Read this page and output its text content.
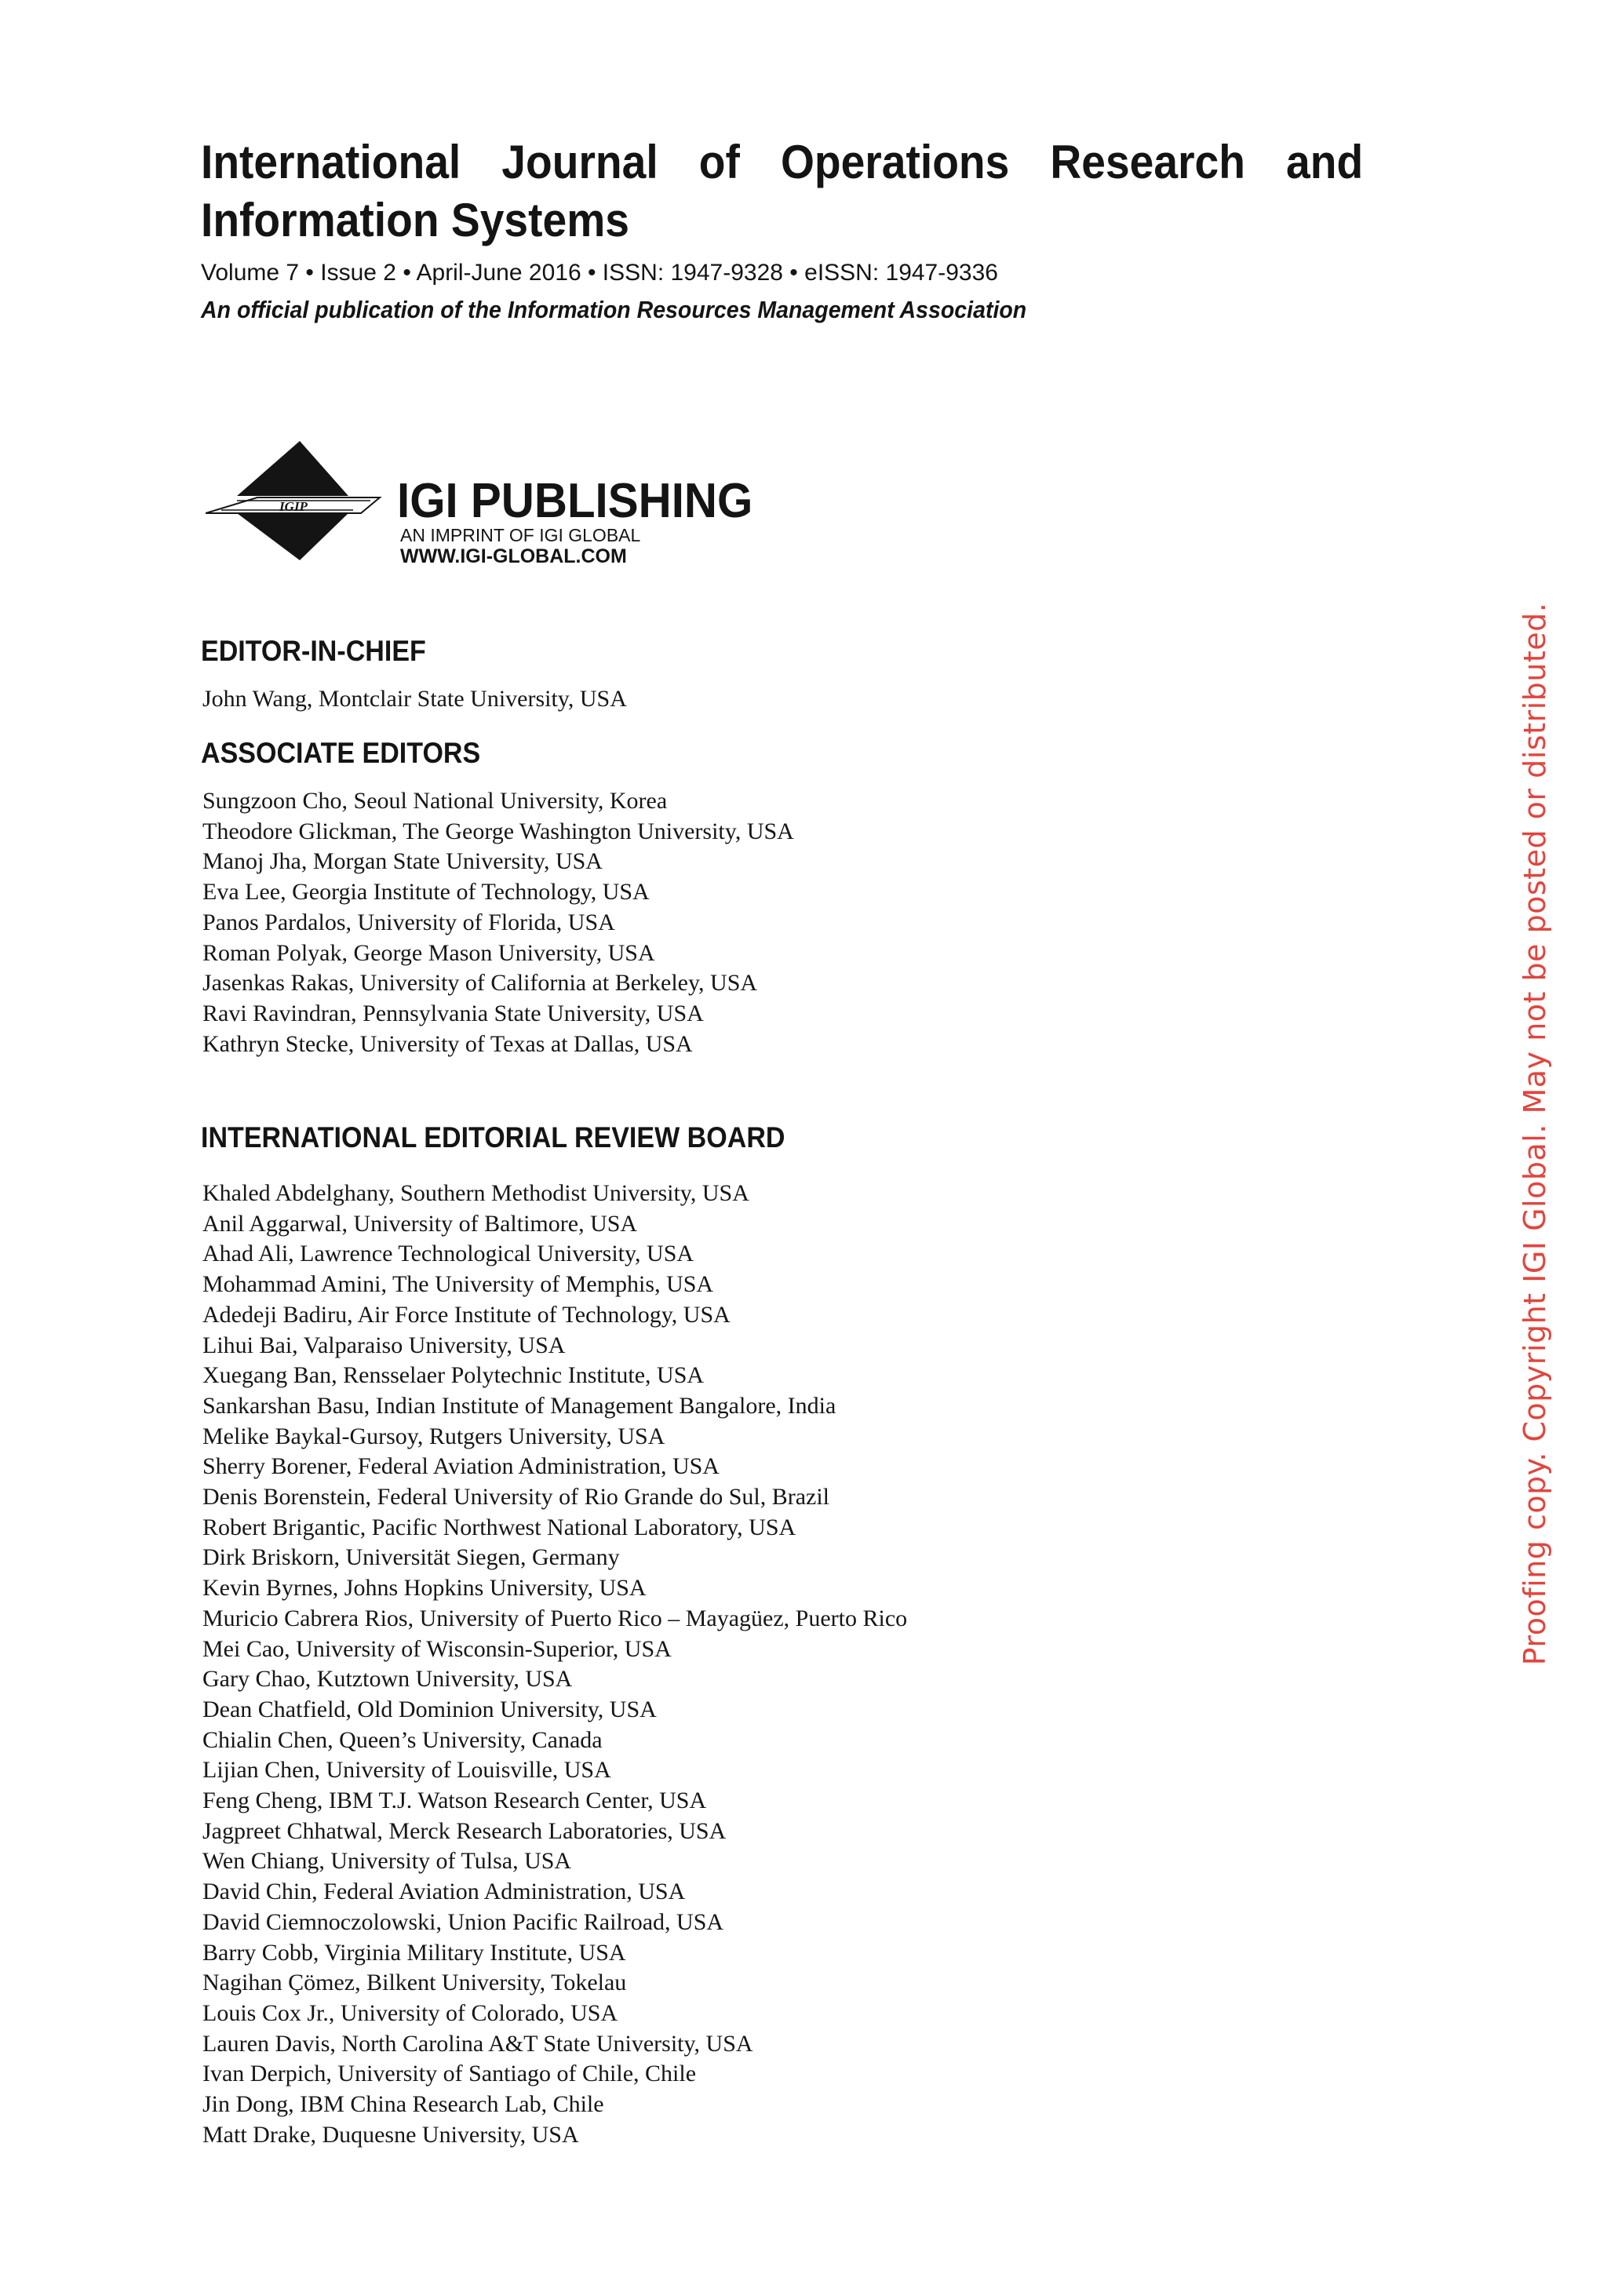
International Journal of Operations Research and Information Systems
Volume 7 • Issue 2 • April-June 2016 • ISSN: 1947-9328 • eISSN: 1947-9336
An official publication of the Information Resources Management Association
IGIP IGI PUBLISHING
AN IMPRINT OF IGI GLOBAL
WWW.IGI-GLOBAL.COM
EDITOR-IN-CHIEF
John Wang, Montclair State University, USA
ASSOCIATE EDITORS
Sungzoon Cho, Seoul National University, Korea
Theodore Glickman, The George Washington University, USA
Manoj Jha, Morgan State University, USA
Eva Lee, Georgia Institute of Technology, USA
Panos Pardalos, University of Florida, USA
Roman Polyak, George Mason University, USA
Jasenkas Rakas, University of California at Berkeley, USA
Ravi Ravindran, Pennsylvania State University, USA
Kathryn Stecke, University of Texas at Dallas, USA
INTERNATIONAL EDITORIAL REVIEW BOARD
Khaled Abdelghany, Southern Methodist University, USA
Anil Aggarwal, University of Baltimore, USA
Ahad Ali, Lawrence Technological University, USA
Mohammad Amini, The University of Memphis, USA
Adedeji Badiru, Air Force Institute of Technology, USA
Lihui Bai, Valparaiso University, USA
Xuegang Ban, Rensselaer Polytechnic Institute, USA
Sankarshan Basu, Indian Institute of Management Bangalore, India
Melike Baykal-Gursoy, Rutgers University, USA
Sherry Borener, Federal Aviation Administration, USA
Denis Borenstein, Federal University of Rio Grande do Sul, Brazil
Robert Brigantic, Pacific Northwest National Laboratory, USA
Dirk Briskorn, Universität Siegen, Germany
Kevin Byrnes, Johns Hopkins University, USA
Muricio Cabrera Rios, University of Puerto Rico – Mayagüez, Puerto Rico
Mei Cao, University of Wisconsin-Superior, USA
Gary Chao, Kutztown University, USA
Dean Chatfield, Old Dominion University, USA
Chialin Chen, Queen’s University, Canada
Lijian Chen, University of Louisville, USA
Feng Cheng, IBM T.J. Watson Research Center, USA
Jagpreet Chhatwal, Merck Research Laboratories, USA
Wen Chiang, University of Tulsa, USA
David Chin, Federal Aviation Administration, USA
David Ciemnoczolowski, Union Pacific Railroad, USA
Barry Cobb, Virginia Military Institute, USA
Nagihan Çömez, Bilkent University, Tokelau
Louis Cox Jr., University of Colorado, USA
Lauren Davis, North Carolina A&T State University, USA
Ivan Derpich, University of Santiago of Chile, Chile
Jin Dong, IBM China Research Lab, Chile
Matt Drake, Duquesne University, USA
Proofing copy. Copyright IGI Global. May not be posted or distributed.
